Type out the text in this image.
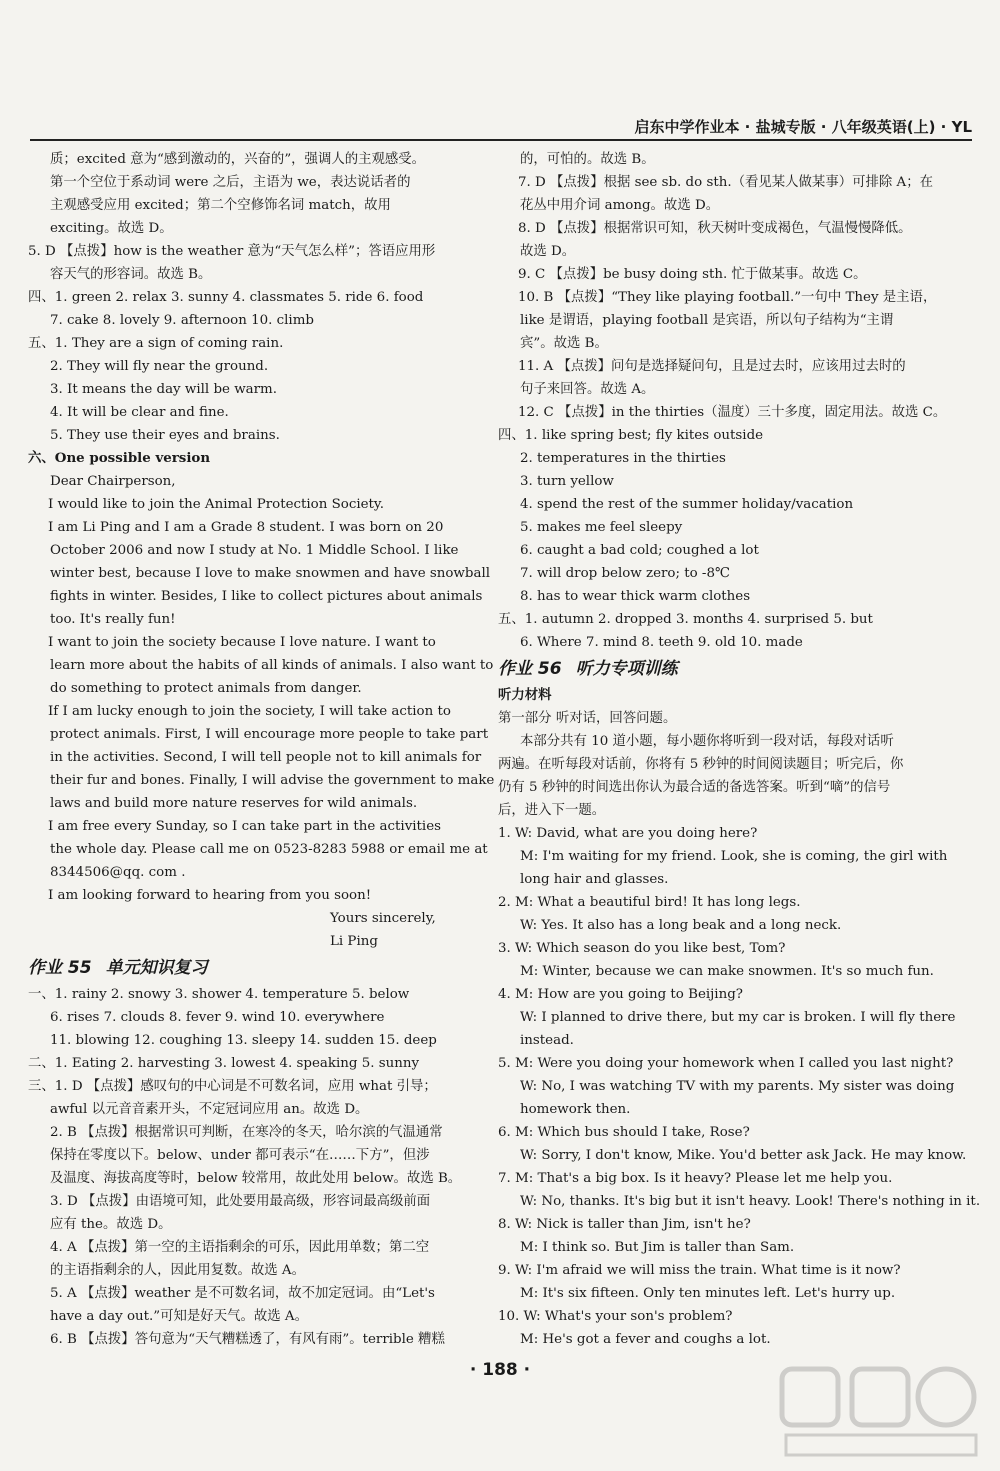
启东中学作业本 · 盐城专版 · 八年级英语(上) · YL
质；excited 意为“感到激动的，兴奋的”，强调人的主观感受。
第一个空位于系动词 were 之后，主语为 we，表达说话者的
主观感受应用 excited；第二个空修饰名词 match，故用
exciting。故选 D。
5. D 【点拨】how is the weather 意为“天气怎么样”；答语应用形
容天气的形容词。故选 B。
四、1. green 2. relax 3. sunny 4. classmates 5. ride 6. food
7. cake 8. lovely 9. afternoon 10. climb
五、1. They are a sign of coming rain.
2. They will fly near the ground.
3. It means the day will be warm.
4. It will be clear and fine.
5. They use their eyes and brains.
六、One possible version
Dear Chairperson,
I would like to join the Animal Protection Society.
I am Li Ping and I am a Grade 8 student. I was born on 20
October 2006 and now I study at No. 1 Middle School. I like
winter best, because I love to make snowmen and have snowball
fights in winter. Besides, I like to collect pictures about animals
too. It's really fun!
I want to join the society because I love nature. I want to
learn more about the habits of all kinds of animals. I also want to
do something to protect animals from danger.
If I am lucky enough to join the society, I will take action to
protect animals. First, I will encourage more people to take part
in the activities. Second, I will tell people not to kill animals for
their fur and bones. Finally, I will advise the government to make
laws and build more nature reserves for wild animals.
I am free every Sunday, so I can take part in the activities
the whole day. Please call me on 0523-8283 5988 or email me at
8344506@qq. com .
I am looking forward to hearing from you soon!
Yours sincerely,
Li Ping
作业 55 单元知识复习
一、1. rainy 2. snowy 3. shower 4. temperature 5. below
6. rises 7. clouds 8. fever 9. wind 10. everywhere
11. blowing 12. coughing 13. sleepy 14. sudden 15. deep
二、1. Eating 2. harvesting 3. lowest 4. speaking 5. sunny
三、1. D 【点拨】感叹句的中心词是不可数名词，应用 what 引导；
awful 以元音音素开头，不定冠词应用 an。故选 D。
2. B 【点拨】根据常识可判断，在寒冷的冬天，哈尔滨的气温通常
保持在零度以下。below、under 都可表示“在……下方”，但涉
及温度、海拔高度等时，below 较常用，故此处用 below。故选 B。
3. D 【点拨】由语境可知，此处要用最高级，形容词最高级前面
应有 the。故选 D。
4. A 【点拨】第一空的主语指剩余的可乐，因此用单数；第二空
的主语指剩余的人，因此用复数。故选 A。
5. A 【点拨】weather 是不可数名词，故不加定冠词。由“Let's
have a day out.”可知是好天气。故选 A。
6. B 【点拨】答句意为“天气糟糕透了，有风有雨”。terrible 糟糕
的，可怕的。故选 B。
7. D 【点拨】根据 see sb. do sth.（看见某人做某事）可排除 A；在
花丛中用介词 among。故选 D。
8. D 【点拨】根据常识可知，秋天树叶变成褐色，气温慢慢降低。
故选 D。
9. C 【点拨】be busy doing sth. 忙于做某事。故选 C。
10. B 【点拨】“They like playing football.”一句中 They 是主语，
like 是谓语，playing football 是宾语，所以句子结构为“主谓
宾”。故选 B。
11. A 【点拨】问句是选择疑问句，且是过去时，应该用过去时的
句子来回答。故选 A。
12. C 【点拨】in the thirties（温度）三十多度，固定用法。故选 C。
四、1. like spring best; fly kites outside
2. temperatures in the thirties
3. turn yellow
4. spend the rest of the summer holiday/vacation
5. makes me feel sleepy
6. caught a bad cold; coughed a lot
7. will drop below zero; to -8℃
8. has to wear thick warm clothes
五、1. autumn 2. dropped 3. months 4. surprised 5. but
6. Where 7. mind 8. teeth 9. old 10. made
作业 56 听力专项训练
听力材料
第一部分 听对话，回答问题。
本部分共有 10 道小题，每小题你将听到一段对话，每段对话听
两遍。在听每段对话前，你将有 5 秒钟的时间阅读题目；听完后，你
仍有 5 秒钟的时间选出你认为最合适的备选答案。听到“嘀”的信号
后，进入下一题。
1. W: David, what are you doing here?
M: I'm waiting for my friend. Look, she is coming, the girl with
long hair and glasses.
2. M: What a beautiful bird! It has long legs.
W: Yes. It also has a long beak and a long neck.
3. W: Which season do you like best, Tom?
M: Winter, because we can make snowmen. It's so much fun.
4. M: How are you going to Beijing?
W: I planned to drive there, but my car is broken. I will fly there
instead.
5. M: Were you doing your homework when I called you last night?
W: No, I was watching TV with my parents. My sister was doing
homework then.
6. M: Which bus should I take, Rose?
W: Sorry, I don't know, Mike. You'd better ask Jack. He may know.
7. M: That's a big box. Is it heavy? Please let me help you.
W: No, thanks. It's big but it isn't heavy. Look! There's nothing in it.
8. W: Nick is taller than Jim, isn't he?
M: I think so. But Jim is taller than Sam.
9. W: I'm afraid we will miss the train. What time is it now?
M: It's six fifteen. Only ten minutes left. Let's hurry up.
10. W: What's your son's problem?
M: He's got a fever and coughs a lot.
· 188 ·
